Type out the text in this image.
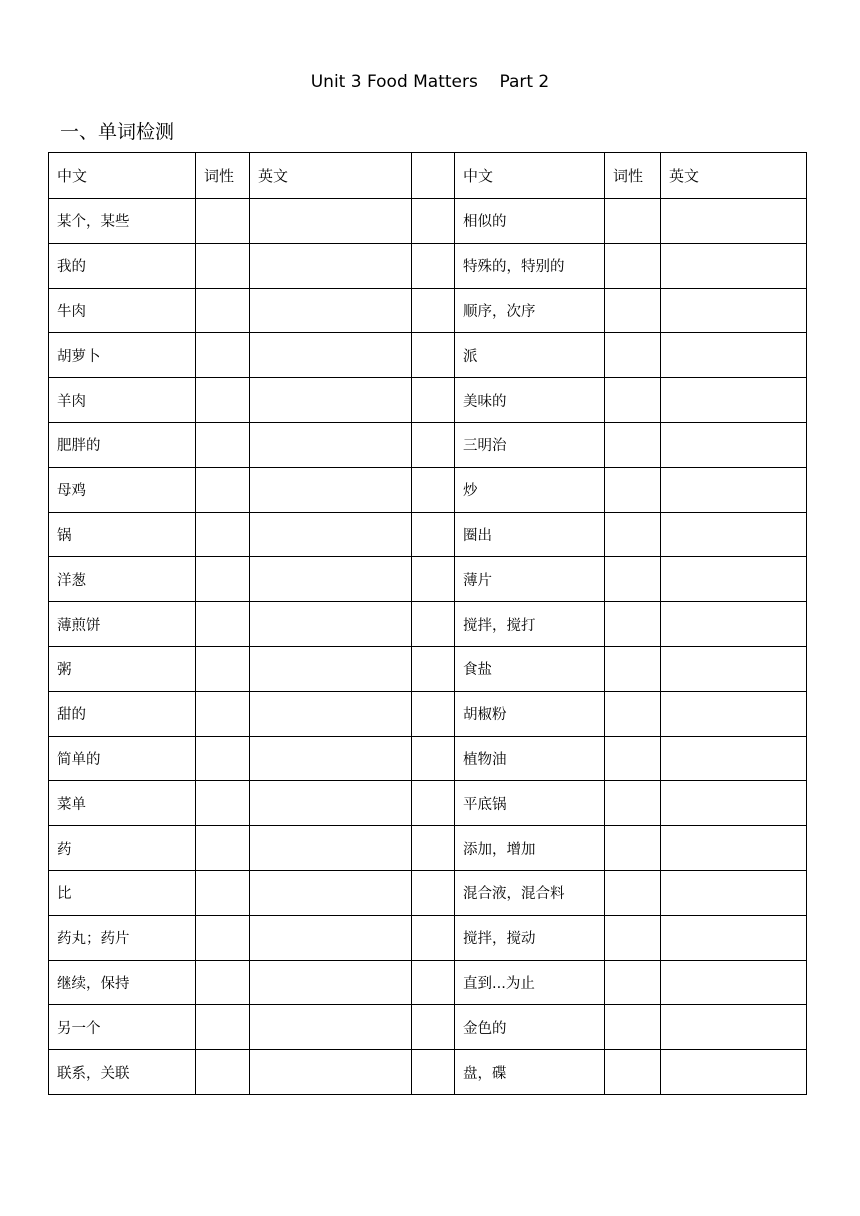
Unit 3 Food Matters    Part 2
一、单词检测
中文	词性	英文		中文	词性	英文
某个，某些				相似的		
我的				特殊的，特别的		
牛肉				顺序，次序		
胡萝卜				派		
羊肉				美味的		
肥胖的				三明治		
母鸡				炒		
锅				圈出		
洋葱				薄片		
薄煎饼				搅拌，搅打		
粥				食盐		
甜的				胡椒粉		
简单的				植物油		
菜单				平底锅		
药				添加，增加		
比				混合液，混合料		
药丸；药片				搅拌，搅动		
继续，保持				直到...为止		
另一个				金色的		
联系，关联				盘，碟		
